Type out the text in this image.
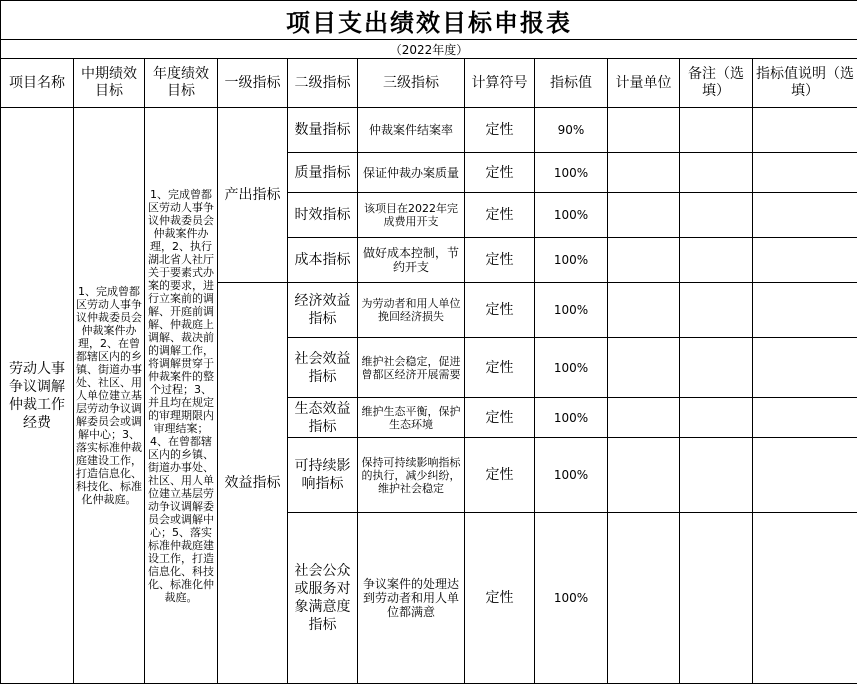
项目支出绩效目标申报表										
（2022年度）										
项目名称	中期绩效目标	年度绩效目标	一级指标	二级指标	三级指标	计算符号	指标值	计量单位	备注（选填）	指标值说明（选填）
劳动人事争议调解仲裁工作经费	1、完成曾都区劳动人事争议仲裁委员会仲裁案件办理，2、在曾都辖区内的乡镇、街道办事处、社区、用人单位建立基层劳动争议调解委员会或调解中心；3、落实标准仲裁庭建设工作，打造信息化、科技化、标准化仲裁庭。	1、完成曾都区劳动人事争议仲裁委员会仲裁案件办理，2、执行湖北省人社厅关于要素式办案的要求，进行立案前的调解、开庭前调解、仲裁庭上调解、裁决前的调解工作，将调解贯穿于仲裁案件的整个过程；3、并且均在规定的审理期限内审理结案；4、在曾都辖区内的乡镇、街道办事处、社区、用人单位建立基层劳动争议调解委员会或调解中心；5、落实标准仲裁庭建设工作，打造信息化、科技化、标准化仲裁庭。	产出指标	数量指标	仲裁案件结案率	定性	90%			
				质量指标	保证仲裁办案质量	定性	100%			
				时效指标	该项目在2022年完成费用开支	定性	100%			
				成本指标	做好成本控制，节约开支	定性	100%			
			效益指标	经济效益指标	为劳动者和用人单位挽回经济损失	定性	100%			
				社会效益指标	维护社会稳定，促进曾都区经济开展需要	定性	100%			
				生态效益指标	维护生态平衡，保护生态环境	定性	100%			
				可持续影响指标	保持可持续影响指标的执行，减少纠纷，维护社会稳定	定性	100%			
				社会公众或服务对象满意度指标	争议案件的处理达到劳动者和用人单位都满意	定性	100%			
